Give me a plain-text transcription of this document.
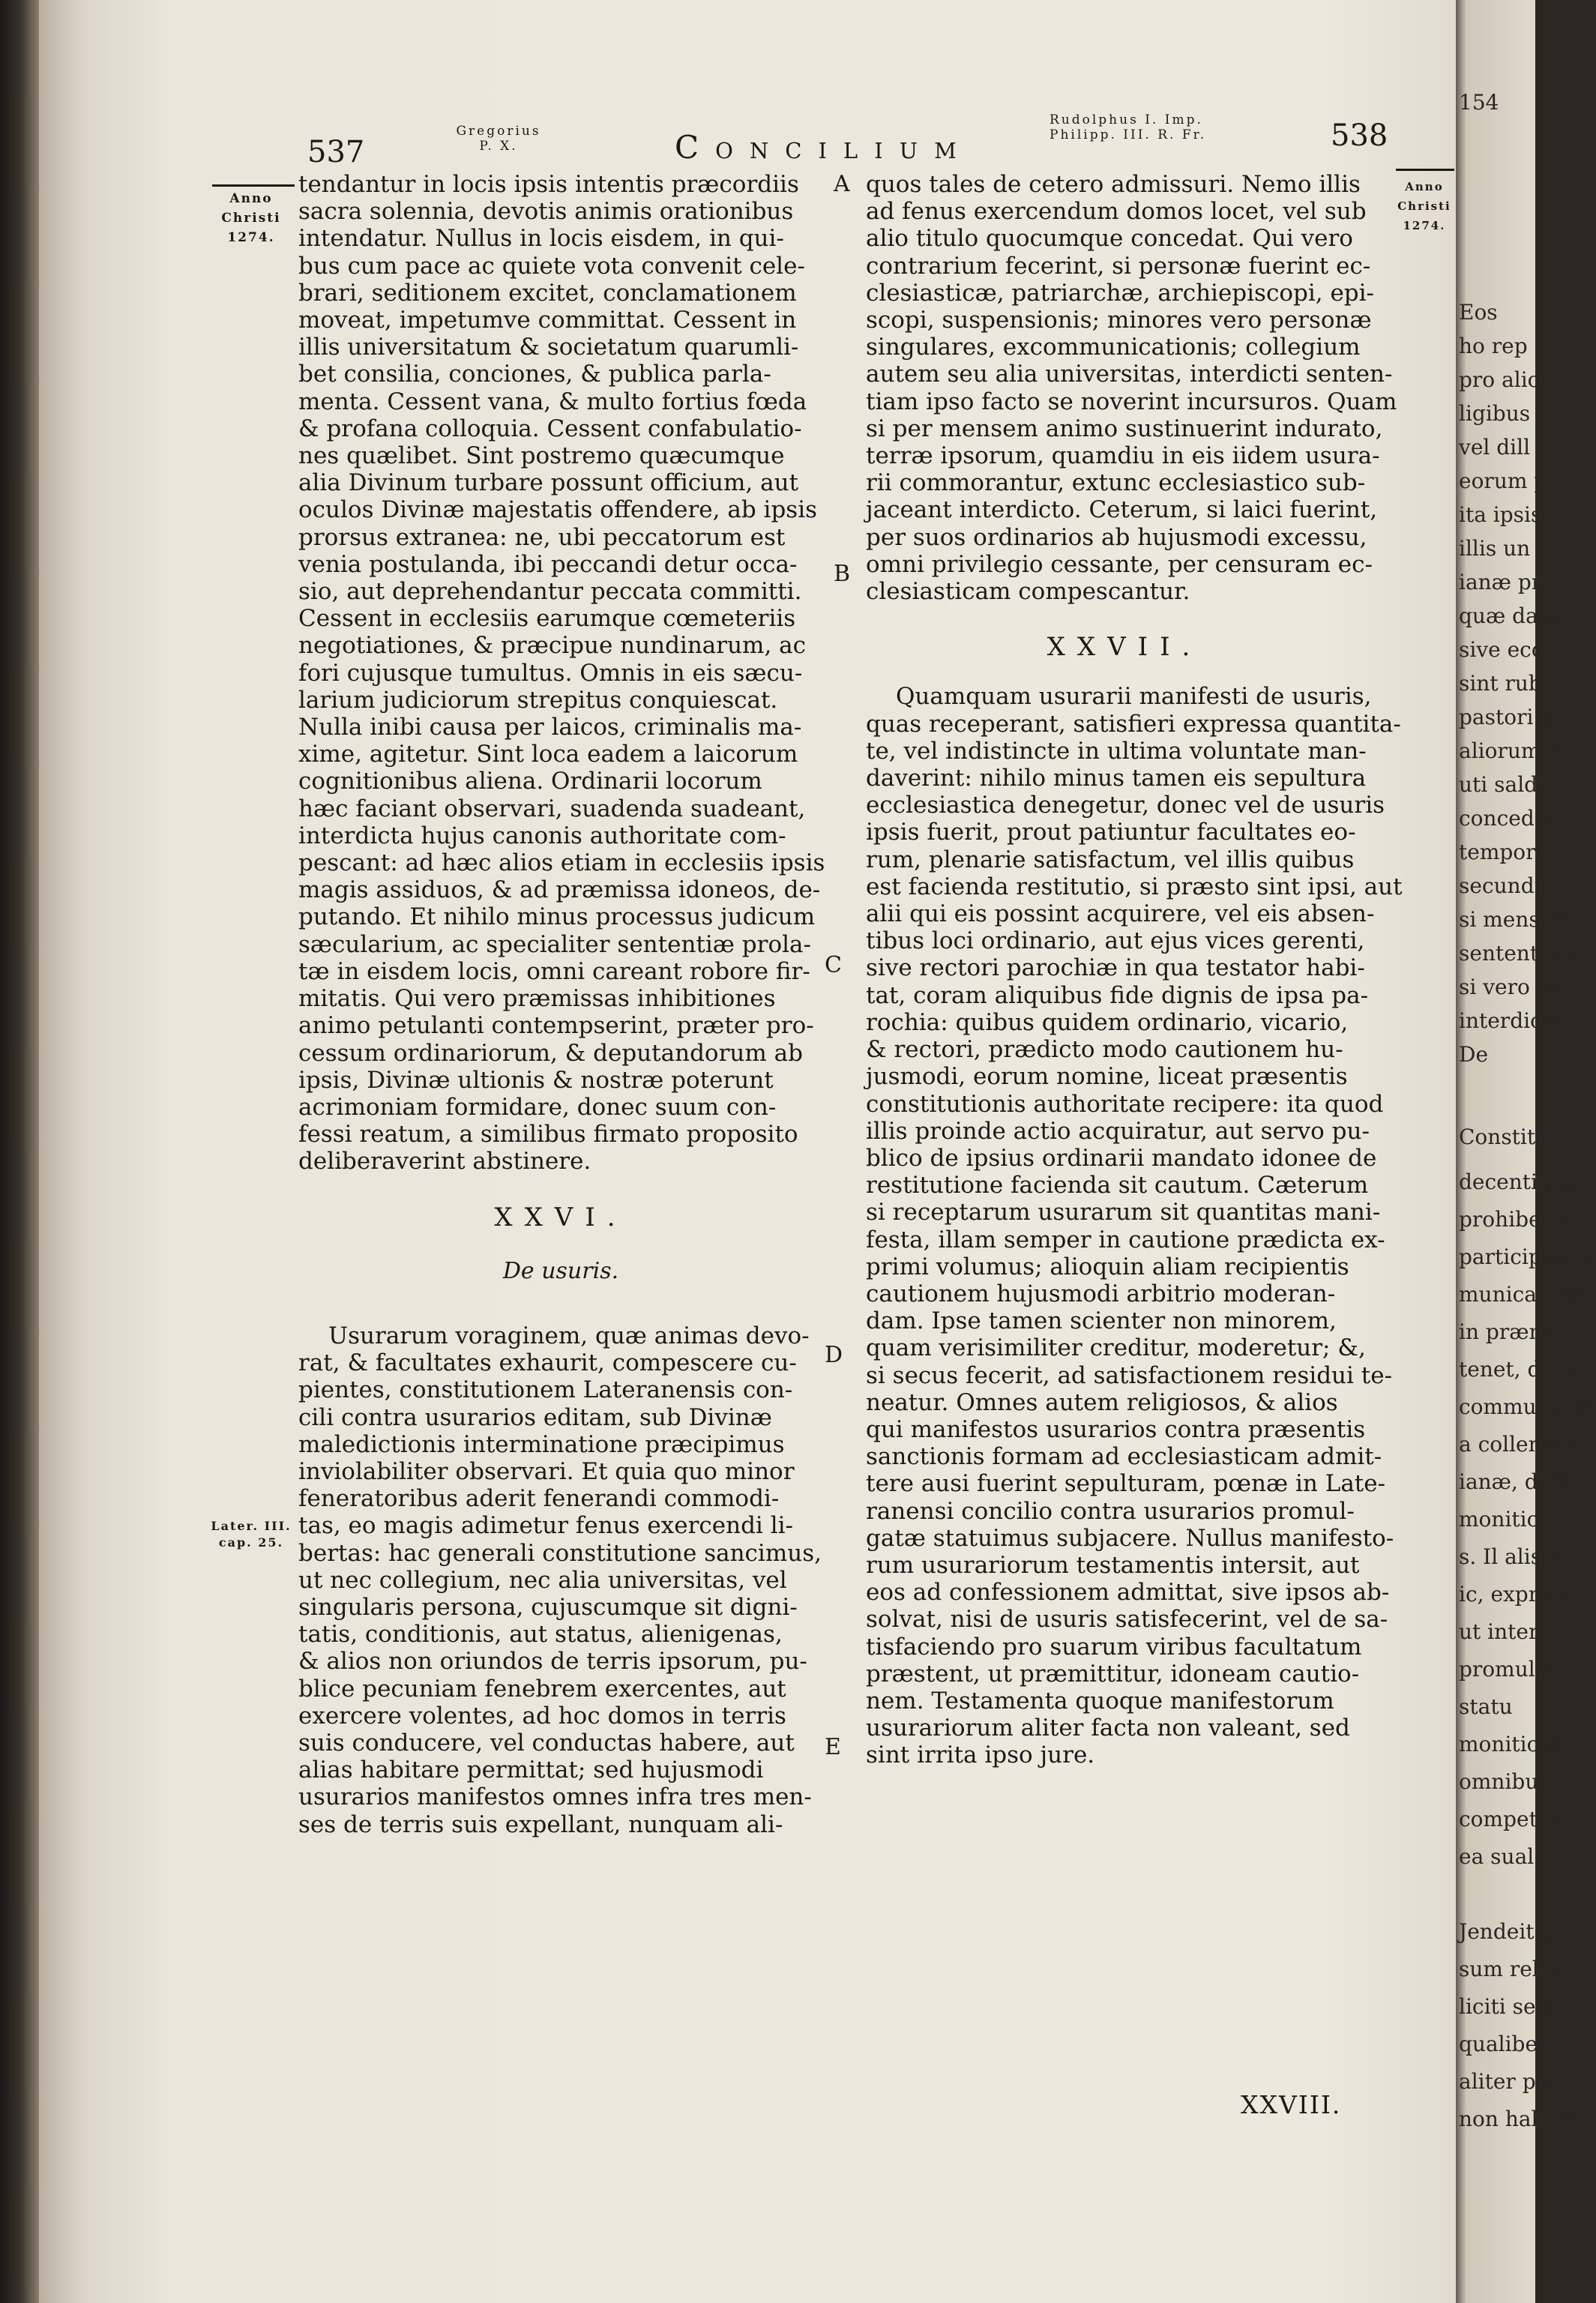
537
Gregorius
P. X.	Concilium
Rudolphus I. Imp.
Philipp. III. R. Fr.	538
Anno
Christi
1274.
Anno
Christi
1274.
Later. III.
cap. 25.
A
B
C
D
E

tendantur in locis ipsis intentis præcordiis
sacra solennia, devotis animis orationibus
intendatur. Nullus in locis eisdem, in qui-
bus cum pace ac quiete vota convenit cele-
brari, seditionem excitet, conclamationem
moveat, impetumve committat. Cessent in
illis universitatum & societatum quarumli-
bet consilia, conciones, & publica parla-
menta. Cessent vana, & multo fortius fœda
& profana colloquia. Cessent confabulatio-
nes quælibet. Sint postremo quæcumque
alia Divinum turbare possunt officium, aut
oculos Divinæ majestatis offendere, ab ipsis
prorsus extranea: ne, ubi peccatorum est
venia postulanda, ibi peccandi detur occa-
sio, aut deprehendantur peccata committi.
Cessent in ecclesiis earumque cœmeteriis
negotiationes, & præcipue nundinarum, ac
fori cujusque tumultus. Omnis in eis sæcu-
larium judiciorum strepitus conquiescat.
Nulla inibi causa per laicos, criminalis ma-
xime, agitetur. Sint loca eadem a laicorum
cognitionibus aliena. Ordinarii locorum
hæc faciant observari, suadenda suadeant,
interdicta hujus canonis authoritate com-
pescant: ad hæc alios etiam in ecclesiis ipsis
magis assiduos, & ad præmissa idoneos, de-
putando. Et nihilo minus processus judicum
sæcularium, ac specialiter sententiæ prola-
tæ in eisdem locis, omni careant robore fir-
mitatis. Qui vero præmissas inhibitiones
animo petulanti contempserint, præter pro-
cessum ordinariorum, & deputandorum ab
ipsis, Divinæ ultionis & nostræ poterunt
acrimoniam formidare, donec suum con-
fessi reatum, a similibus firmato proposito
deliberaverint abstinere.

XXVI.

De usuris.

Usurarum voraginem, quæ animas devo-
rat, & facultates exhaurit, compescere cu-
pientes, constitutionem Lateranensis con-
cili contra usurarios editam, sub Divinæ
maledictionis interminatione præcipimus
inviolabiliter observari. Et quia quo minor
feneratoribus aderit fenerandi commodi-
tas, eo magis adimetur fenus exercendi li-
bertas: hac generali constitutione sancimus,
ut nec collegium, nec alia universitas, vel
singularis persona, cujuscumque sit digni-
tatis, conditionis, aut status, alienigenas,
& alios non oriundos de terris ipsorum, pu-
blice pecuniam fenebrem exercentes, aut
exercere volentes, ad hoc domos in terris
suis conducere, vel conductas habere, aut
alias habitare permittat; sed hujusmodi
usurarios manifestos omnes infra tres men-
ses de terris suis expellant, nunquam ali-

quos tales de cetero admissuri. Nemo illis
ad fenus exercendum domos locet, vel sub
alio titulo quocumque concedat. Qui vero
contrarium fecerint, si personæ fuerint ec-
clesiasticæ, patriarchæ, archiepiscopi, epi-
scopi, suspensionis; minores vero personæ
singulares, excommunicationis; collegium
autem seu alia universitas, interdicti senten-
tiam ipso facto se noverint incursuros. Quam
si per mensem animo sustinuerint indurato,
terræ ipsorum, quamdiu in eis iidem usura-
rii commorantur, extunc ecclesiastico sub-
jaceant interdicto. Ceterum, si laici fuerint,
per suos ordinarios ab hujusmodi excessu,
omni privilegio cessante, per censuram ec-
clesiasticam compescantur.

XXVII.

Quamquam usurarii manifesti de usuris,
quas receperant, satisfieri expressa quantita-
te, vel indistincte in ultima voluntate man-
daverint: nihilo minus tamen eis sepultura
ecclesiastica denegetur, donec vel de usuris
ipsis fuerit, prout patiuntur facultates eo-
rum, plenarie satisfactum, vel illis quibus
est facienda restitutio, si præsto sint ipsi, aut
alii qui eis possint acquirere, vel eis absen-
tibus loci ordinario, aut ejus vices gerenti,
sive rectori parochiæ in qua testator habi-
tat, coram aliquibus fide dignis de ipsa pa-
rochia: quibus quidem ordinario, vicario,
& rectori, prædicto modo cautionem hu-
jusmodi, eorum nomine, liceat præsentis
constitutionis authoritate recipere: ita quod
illis proinde actio acquiratur, aut servo pu-
blico de ipsius ordinarii mandato idonee de
restitutione facienda sit cautum. Cæterum
si receptarum usurarum sit quantitas mani-
festa, illam semper in cautione prædicta ex-
primi volumus; alioquin aliam recipientis
cautionem hujusmodi arbitrio moderan-
dam. Ipse tamen scienter non minorem,
quam verisimiliter creditur, moderetur; &,
si secus fecerit, ad satisfactionem residui te-
neatur. Omnes autem religiosos, & alios
qui manifestos usurarios contra præsentis
sanctionis formam ad ecclesiasticam admit-
tere ausi fuerint sepulturam, pœnæ in Late-
ranensi concilio contra usurarios promul-
gatæ statuimus subjacere. Nullus manifesto-
rum usurariorum testamentis intersit, aut
eos ad confessionem admittat, sive ipsos ab-
solvat, nisi de usuris satisfecerint, vel de sa-
tisfaciendo pro suarum viribus facultatum
præstent, ut præmittitur, idoneam cautio-
nem. Testamenta quoque manifestorum
usurariorum aliter facta non valeant, sed
sint irrita ipso jure.

XXVIII.
154
Eos
ho rep
pro alio
ligibus
vel dill
eorum p
ita ipsis
illis un
ianæ pr
quæ dam
sive ecc
sint rub
pastori d
aliorum q
uti salde
concedenc
tempori
secundi
si mensem
sententiam
si vero ui
interdicto
De
Constitu
decenti pap
prohibet pa
participation
municatione
in præmiss
tenet, decer
communicati
a collendum
ianæ, decl
monition
s. Il alis ri
ic, exprimi
ut inter
promulga
statu
monitioni
omnibus
competer
ea sual
Jendeit gen
sum relaxa
liciti sente
qualibet al
aliter pro
non habere
